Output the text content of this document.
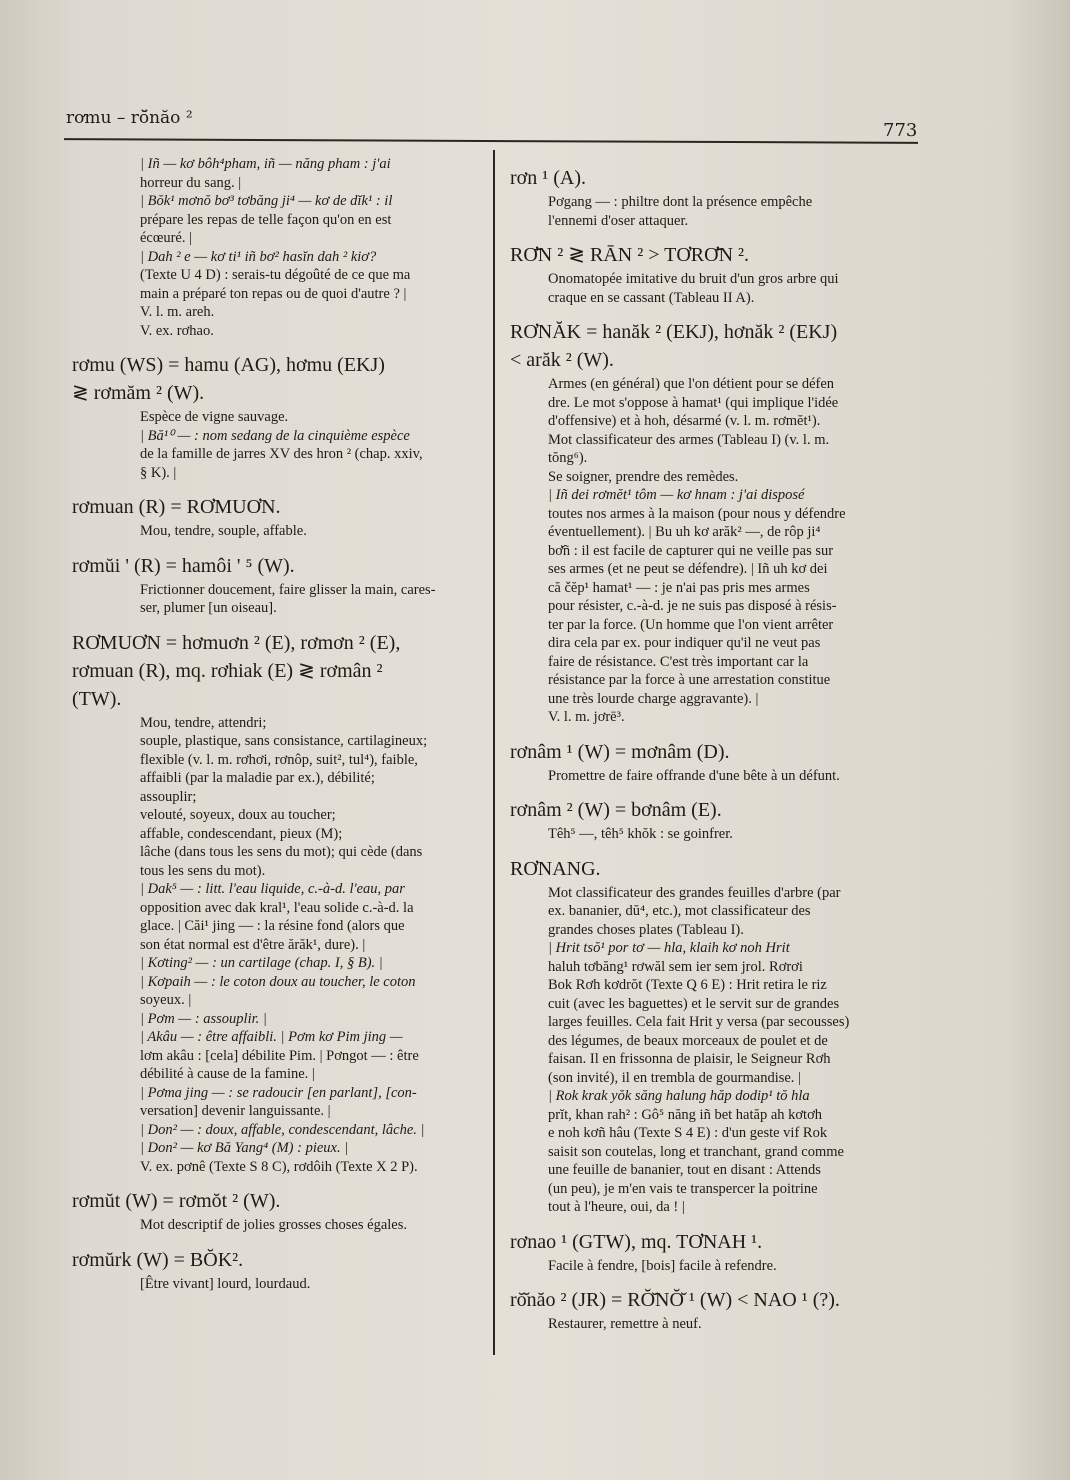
rơmu – rŏ̆năo ²
773
| Iñ — kơ bôh⁴pham, iñ — năng pham : j'ai
horreur du sang. |
| Bŏk¹ mơnŏ bơ³ tơbăng ji⁴ — kơ de dĭk¹ : il
prépare les repas de telle façon qu'on en est
écœuré. |
| Dah ² e — kơ ti¹ iñ bơ² hasĭn dah ² kiơ?
(Texte U 4 D) : serais-tu dégoûté de ce que ma
main a préparé ton repas ou de quoi d'autre ? |
V. l. m. areh.
V. ex. rơhao.
rơmu (WS) = hamu (AG), hơmu (EKJ)
≷ rơmăm ² (W).
Espèce de vigne sauvage.
| Bă¹⁰ — : nom sedang de la cinquième espèce
de la famille de jarres XV des hron ² (chap. xxiv,
§ K). |
rơmuan (R) = RƠMUƠN.
Mou, tendre, souple, affable.
rơmŭi ' (R) = hamôi ' ⁵ (W).
Frictionner doucement, faire glisser la main, cares-
ser, plumer [un oiseau].
RƠMUƠN = hơmuơn ² (E), rơmơn ² (E),
rơmuan (R), mq. rơhiak (E) ≷ rơmân ²
(TW).
Mou, tendre, attendri;
souple, plastique, sans consistance, cartilagineux;
flexible (v. l. m. rơhơi, rơnôp, suit², tul⁴), faible,
affaibli (par la maladie par ex.), débilité;
assouplir;
velouté, soyeux, doux au toucher;
affable, condescendant, pieux (M);
lâche (dans tous les sens du mot); qui cède (dans
tous les sens du mot).
| Dak⁵ — : litt. l'eau liquide, c.-à-d. l'eau, par
opposition avec dak kral¹, l'eau solide c.-à-d. la
glace. | Căi¹ jing — : la résine fond (alors que
son état normal est d'être ărăk¹, dure). |
| Kơting² — : un cartilage (chap. I, § B). |
| Kơpaih — : le coton doux au toucher, le coton
soyeux. |
| Pơm — : assouplir. |
| Akâu — : être affaibli. | Pơm kơ Pim jing —
lơm akâu : [cela] débilite Pim. | Pơngot — : être
débilité à cause de la famine. |
| Pơma jing — : se radoucir [en parlant], [con-
versation] devenir languissante. |
| Don² — : doux, affable, condescendant, lâche. |
| Don² — kơ Bă Yang⁴ (M) : pieux. |
V. ex. pơnê (Texte S 8 C), rơdôih (Texte X 2 P).
rơmŭt (W) = rơmŏt ² (W).
Mot descriptif de jolies grosses choses égales.
rơmŭrk (W) = BŎK².
[Être vivant] lourd, lourdaud.
rơn ¹ (A).
Pơgang — : philtre dont la présence empêche
l'ennemi d'oser attaquer.
RƠ̄N ² ≷ RĀN ² > TƠRƠ̄N ².
Onomatopée imitative du bruit d'un gros arbre qui
craque en se cassant (Tableau II A).
RƠNĂK = hanăk ² (EKJ), hơnăk ² (EKJ)
< arăk ² (W).
Armes (en général) que l'on détient pour se défen
dre. Le mot s'oppose à hamat¹ (qui implique l'idée
d'offensive) et à hoh, désarmé (v. l. m. rơmĕt¹).
Mot classificateur des armes (Tableau I) (v. l. m.
tŏng⁶).
Se soigner, prendre des remèdes.
| Iñ dei rơmĕt¹ tôm — kơ hnam : j'ai disposé
toutes nos armes à la maison (pour nous y défendre
éventuellement). | Bu uh kơ arăk² —, de rôp ji⁴
bơ̆ñ : il est facile de capturer qui ne veille pas sur
ses armes (et ne peut se défendre). | Iñ uh kơ dei
că čĕp¹ hamat¹ — : je n'ai pas pris mes armes
pour résister, c.-à-d. je ne suis pas disposé à résis-
ter par la force. (Un homme que l'on vient arrêter
dira cela par ex. pour indiquer qu'il ne veut pas
faire de résistance. C'est très important car la
résistance par la force à une arrestation constitue
une très lourde charge aggravante). |
V. l. m. jơrē³.
rơnâm ¹ (W) = mơnâm (D).
Promettre de faire offrande d'une bête à un défunt.
rơnâm ² (W) = bơnâm (E).
Têh⁵ —, têh⁵ khŏk : se goinfrer.
RƠNANG.
Mot classificateur des grandes feuilles d'arbre (par
ex. bananier, dŭ⁴, etc.), mot classificateur des
grandes choses plates (Tableau I).
| Hrit tsŏ¹ por tơ — hla, klaih kơ noh Hrit
haluh tơbăng¹ rơwăl sem ier sem jrol. Rơrơi
Bok Rơh kơdrŏt (Texte Q 6 E) : Hrit retira le riz
cuit (avec les baguettes) et le servit sur de grandes
larges feuilles. Cela fait Hrit y versa (par secousses)
des légumes, de beaux morceaux de poulet et de
faisan. Il en frissonna de plaisir, le Seigneur Rơh
(son invité), il en trembla de gourmandise. |
| Rok krak yŏk săng halung hăp dodip¹ tŏ hla
prĭt, khan rah² : Gô⁵ năng iñ bet hatăp ah kơtơh
e noh kơñ hâu (Texte S 4 E) : d'un geste vif Rok
saisit son coutelas, long et tranchant, grand comme
une feuille de bananier, tout en disant : Attends
(un peu), je m'en vais te transpercer la poitrine
tout à l'heure, oui, da ! |
rơnao ¹ (GTW), mq. TƠNAH ¹.
Facile à fendre, [bois] facile à refendre.
rŏ̆năo ² (JR) = RŎ̆NŎ̆ ¹ (W) < NAO ¹ (?).
Restaurer, remettre à neuf.
